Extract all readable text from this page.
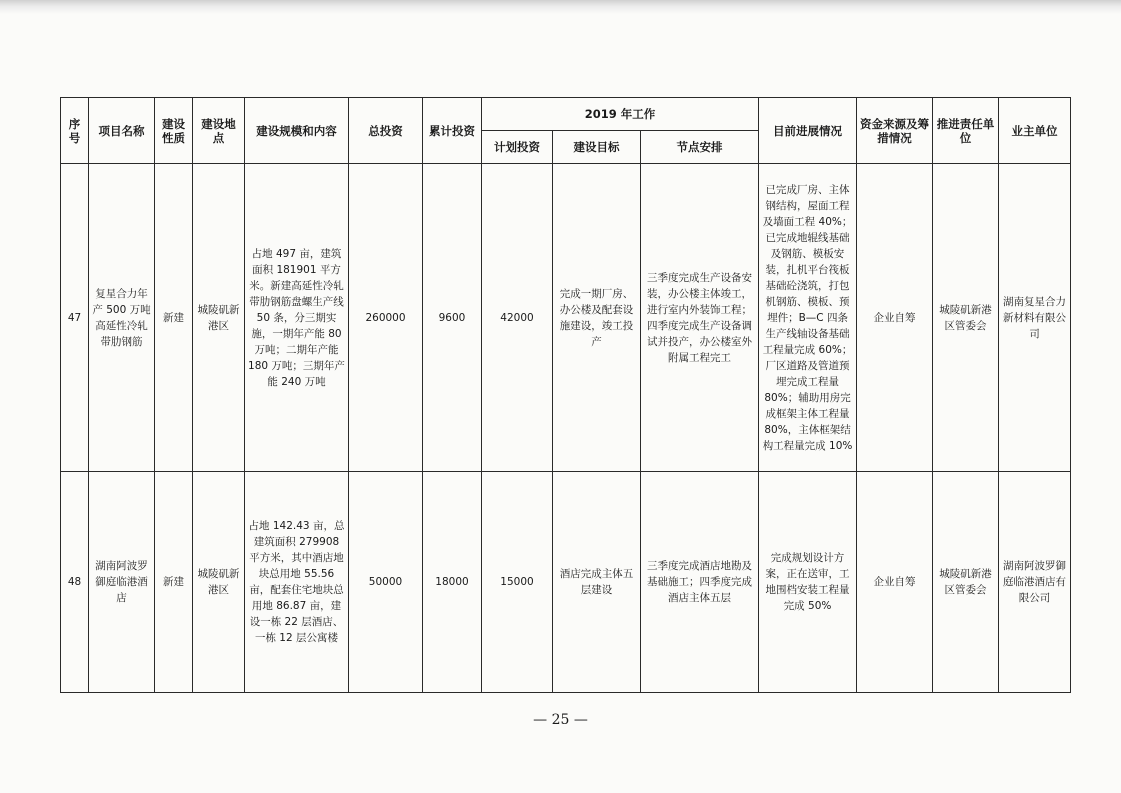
序号	项目名称	建设性质	建设地点	建设规模和内容	总投资	累计投资	2019 年工作			目前进展情况	资金来源及筹措情况	推进责任单位	业主单位
							计划投资	建设目标	节点安排				
47	复星合力年产 500 万吨高延性冷轧带肋钢筋	新建	城陵矶新港区	占地 497 亩，建筑面积 181901 平方米。新建高延性冷轧带肋钢筋盘螺生产线 50 条，分三期实施，一期年产能 80 万吨；二期年产能 180 万吨；三期年产能 240 万吨	260000	9600	42000	完成一期厂房、办公楼及配套设施建设，竣工投产	三季度完成生产设备安装，办公楼主体竣工，进行室内外装饰工程；四季度完成生产设备调试并投产，办公楼室外附属工程完工	已完成厂房、主体钢结构，屋面工程及墙面工程 40%；已完成地辊线基础及钢筋、模板安装，扎机平台筏板基础砼浇筑，打包机钢筋、模板、预埋件；B—C 四条生产线轴设备基础工程量完成 60%；厂区道路及管道预埋完成工程量 80%；辅助用房完成框架主体工程量 80%，主体框架结构工程量完成 10%	企业自筹	城陵矶新港区管委会	湖南复星合力新材料有限公司
48	湖南阿波罗御庭临港酒店	新建	城陵矶新港区	占地 142.43 亩，总建筑面积 279908 平方米，其中酒店地块总用地 55.56 亩，配套住宅地块总用地 86.87 亩，建设一栋 22 层酒店、一栋 12 层公寓楼	50000	18000	15000	酒店完成主体五层建设	三季度完成酒店地勘及基础施工；四季度完成酒店主体五层	完成规划设计方案，正在送审，工地围档安装工程量完成 50%	企业自筹	城陵矶新港区管委会	湖南阿波罗御庭临港酒店有限公司
— 25 —
